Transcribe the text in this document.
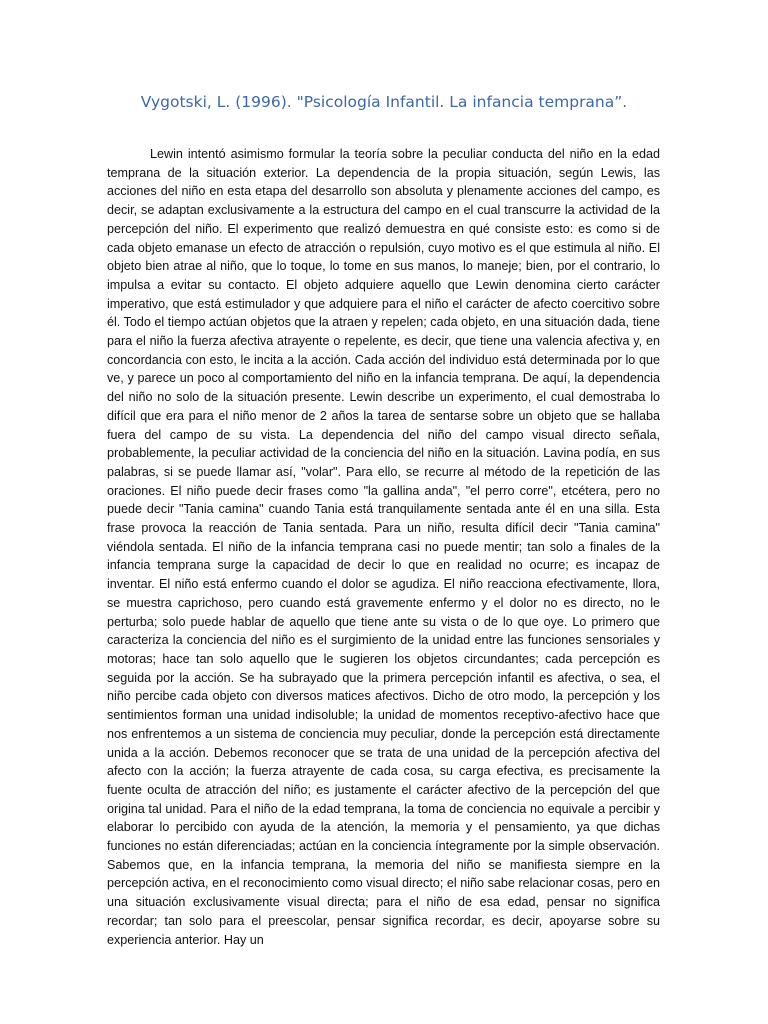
Vygotski, L. (1996). "Psicología Infantil. La infancia temprana”.

Lewin intentó asimismo formular la teoría sobre la peculiar conducta del niño en la edad temprana de la situación exterior. La dependencia de la propia situación, según Lewis, las acciones del niño en esta etapa del desarrollo son absoluta y plenamente acciones del campo, es decir, se adaptan exclusivamente a la estructura del campo en el cual transcurre la actividad de la percepción del niño. El experimento que realizó demuestra en qué consiste esto: es como si de cada objeto emanase un efecto de atracción o repulsión, cuyo motivo es el que estimula al niño. El objeto bien atrae al niño, que lo toque, lo tome en sus manos, lo maneje; bien, por el contrario, lo impulsa a evitar su contacto. El objeto adquiere aquello que Lewin denomina cierto carácter imperativo, que está estimulador y que adquiere para el niño el carácter de afecto coercitivo sobre él. Todo el tiempo actúan objetos que la atraen y repelen; cada objeto, en una situación dada, tiene para el niño la fuerza afectiva atrayente o repelente, es decir, que tiene una valencia afectiva y, en concordancia con esto, le incita a la acción. Cada acción del individuo está determinada por lo que ve, y parece un poco al comportamiento del niño en la infancia temprana. De aquí, la dependencia del niño no solo de la situación presente. Lewin describe un experimento, el cual demostraba lo difícil que era para el niño menor de 2 años la tarea de sentarse sobre un objeto que se hallaba fuera del campo de su vista. La dependencia del niño del campo visual directo señala, probablemente, la peculiar actividad de la conciencia del niño en la situación. Lavina podía, en sus palabras, si se puede llamar así, "volar". Para ello, se recurre al método de la repetición de las oraciones. El niño puede decir frases como "la gallina anda", "el perro corre", etcétera, pero no puede decir "Tania camina" cuando Tania está tranquilamente sentada ante él en una silla. Esta frase provoca la reacción de Tania sentada. Para un niño, resulta difícil decir "Tania camina" viéndola sentada. El niño de la infancia temprana casi no puede mentir; tan solo a finales de la infancia temprana surge la capacidad de decir lo que en realidad no ocurre; es incapaz de inventar. El niño está enfermo cuando el dolor se agudiza. El niño reacciona efectivamente, llora, se muestra caprichoso, pero cuando está gravemente enfermo y el dolor no es directo, no le perturba; solo puede hablar de aquello que tiene ante su vista o de lo que oye. Lo primero que caracteriza la conciencia del niño es el surgimiento de la unidad entre las funciones sensoriales y motoras; hace tan solo aquello que le sugieren los objetos circundantes; cada percepción es seguida por la acción. Se ha subrayado que la primera percepción infantil es afectiva, o sea, el niño percibe cada objeto con diversos matices afectivos. Dicho de otro modo, la percepción y los sentimientos forman una unidad indisoluble; la unidad de momentos receptivo-afectivo hace que nos enfrentemos a un sistema de conciencia muy peculiar, donde la percepción está directamente unida a la acción. Debemos reconocer que se trata de una unidad de la percepción afectiva del afecto con la acción; la fuerza atrayente de cada cosa, su carga efectiva, es precisamente la fuente oculta de atracción del niño; es justamente el carácter afectivo de la percepción del que origina tal unidad. Para el niño de la edad temprana, la toma de conciencia no equivale a percibir y elaborar lo percibido con ayuda de la atención, la memoria y el pensamiento, ya que dichas funciones no están diferenciadas; actúan en la conciencia íntegramente por la simple observación. Sabemos que, en la infancia temprana, la memoria del niño se manifiesta siempre en la percepción activa, en el reconocimiento como visual directo; el niño sabe relacionar cosas, pero en una situación exclusivamente visual directa; para el niño de esa edad, pensar no significa recordar; tan solo para el preescolar, pensar significa recordar, es decir, apoyarse sobre su experiencia anterior. Hay un
